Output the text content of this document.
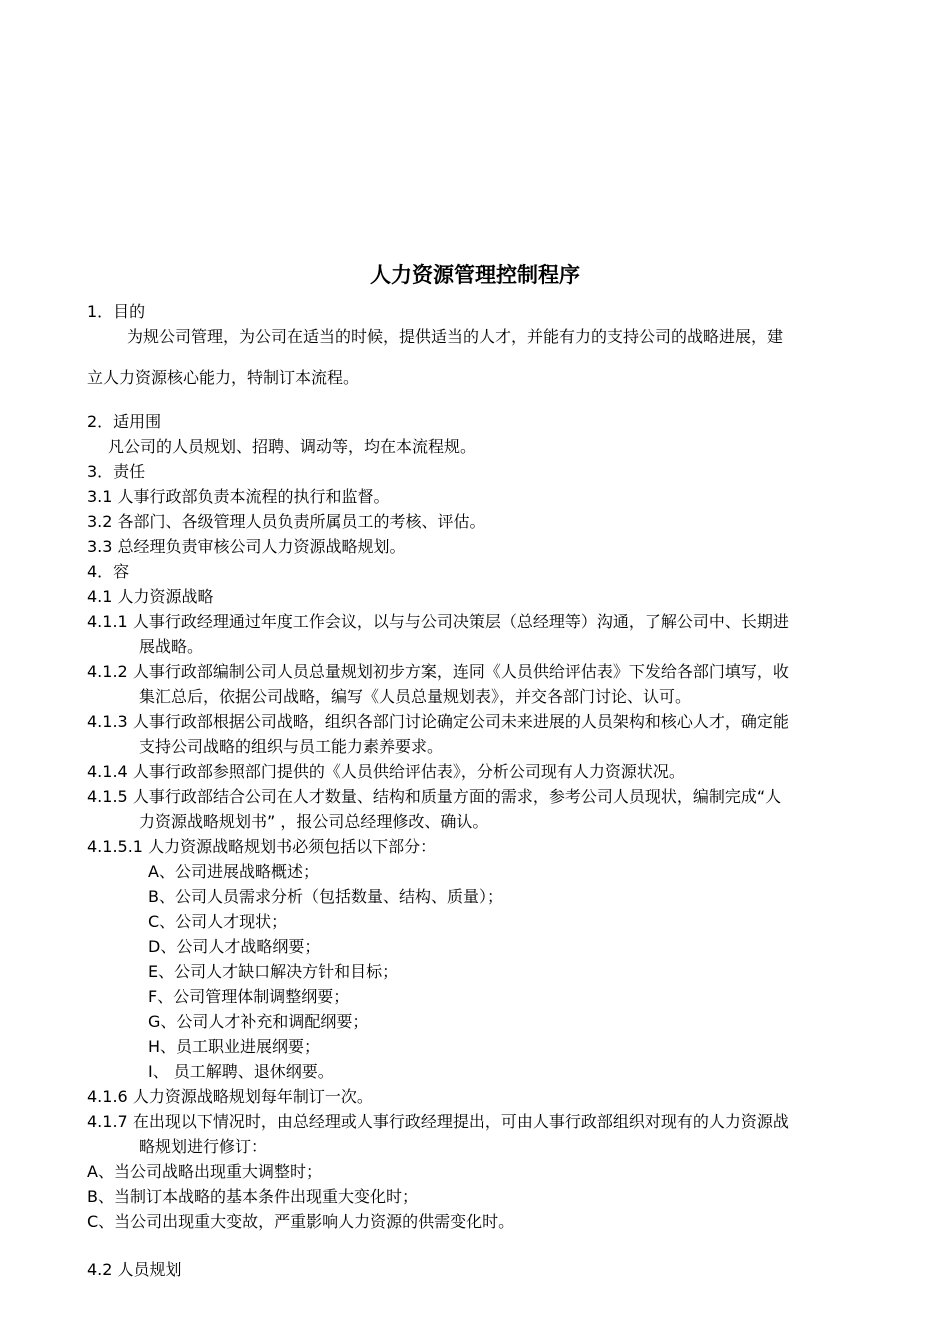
人力资源管理控制程序
1．目的
为规公司管理，为公司在适当的时候，提供适当的人才，并能有力的支持公司的战略进展，建
立人力资源核心能力，特制订本流程。
2．适用围
凡公司的人员规划、招聘、调动等，均在本流程规。
3．责任
3.1 人事行政部负责本流程的执行和监督。
3.2 各部门、各级管理人员负责所属员工的考核、评估。
3.3 总经理负责审核公司人力资源战略规划。
4．容
4.1 人力资源战略
4.1.1 人事行政经理通过年度工作会议，以与与公司决策层（总经理等）沟通，了解公司中、长期进
展战略。
4.1.2 人事行政部编制公司人员总量规划初步方案，连同《人员供给评估表》下发给各部门填写，收
集汇总后，依据公司战略，编写《人员总量规划表》，并交各部门讨论、认可。
4.1.3 人事行政部根据公司战略，组织各部门讨论确定公司未来进展的人员架构和核心人才，确定能
支持公司战略的组织与员工能力素养要求。
4.1.4 人事行政部参照部门提供的《人员供给评估表》，分析公司现有人力资源状况。
4.1.5 人事行政部结合公司在人才数量、结构和质量方面的需求，参考公司人员现状，编制完成“人
力资源战略规划书” ，报公司总经理修改、确认。
4.1.5.1 人力资源战略规划书必须包括以下部分：
A、公司进展战略概述；
B、公司人员需求分析（包括数量、结构、质量）；
C、公司人才现状；
D、公司人才战略纲要；
E、公司人才缺口解决方针和目标；
F、公司管理体制调整纲要；
G、公司人才补充和调配纲要；
H、员工职业进展纲要；
I、 员工解聘、退休纲要。
4.1.6 人力资源战略规划每年制订一次。
4.1.7 在出现以下情况时，由总经理或人事行政经理提出，可由人事行政部组织对现有的人力资源战
略规划进行修订：
A、当公司战略出现重大调整时；
B、当制订本战略的基本条件出现重大变化时；
C、当公司出现重大变故，严重影响人力资源的供需变化时。
4.2 人员规划
